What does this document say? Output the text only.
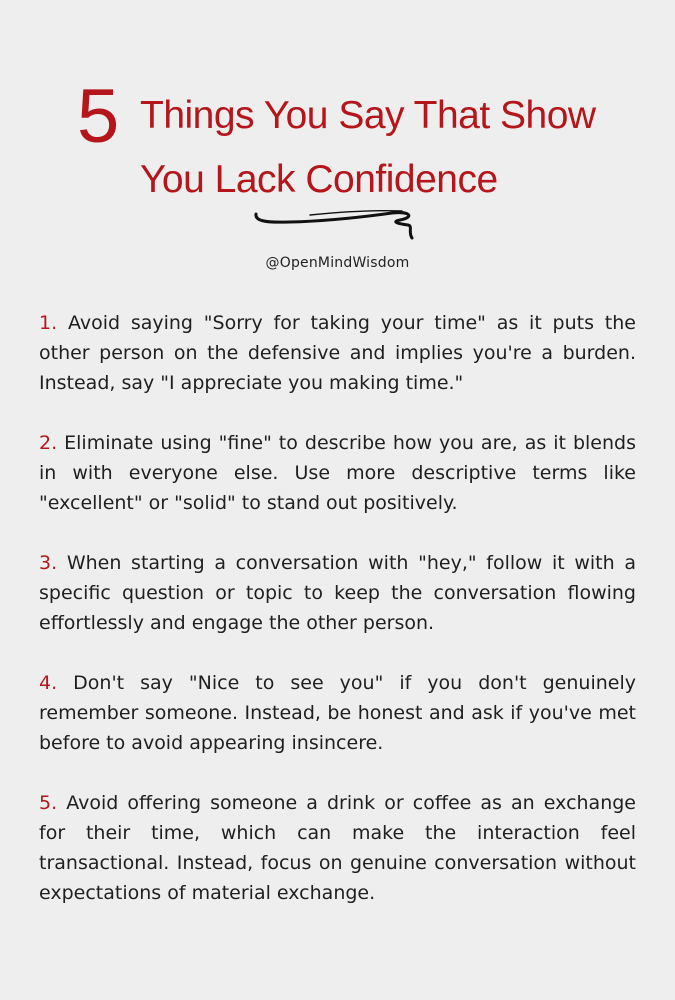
5 Things You Say That Show
You Lack Confidence
@OpenMindWisdom

1. Avoid saying "Sorry for taking your time" as it puts the other person on the defensive and implies you're a burden. Instead, say "I appreciate you making time."

2. Eliminate using "fine" to describe how you are, as it blends in with everyone else. Use more descriptive terms like "excellent" or "solid" to stand out positively.

3. When starting a conversation with "hey," follow it with a specific question or topic to keep the conversation flowing effortlessly and engage the other person.

4. Don't say "Nice to see you" if you don't genuinely remember someone. Instead, be honest and ask if you've met before to avoid appearing insincere.

5. Avoid offering someone a drink or coffee as an exchange for their time, which can make the interaction feel transactional. Instead, focus on genuine conversation without expectations of material exchange.
